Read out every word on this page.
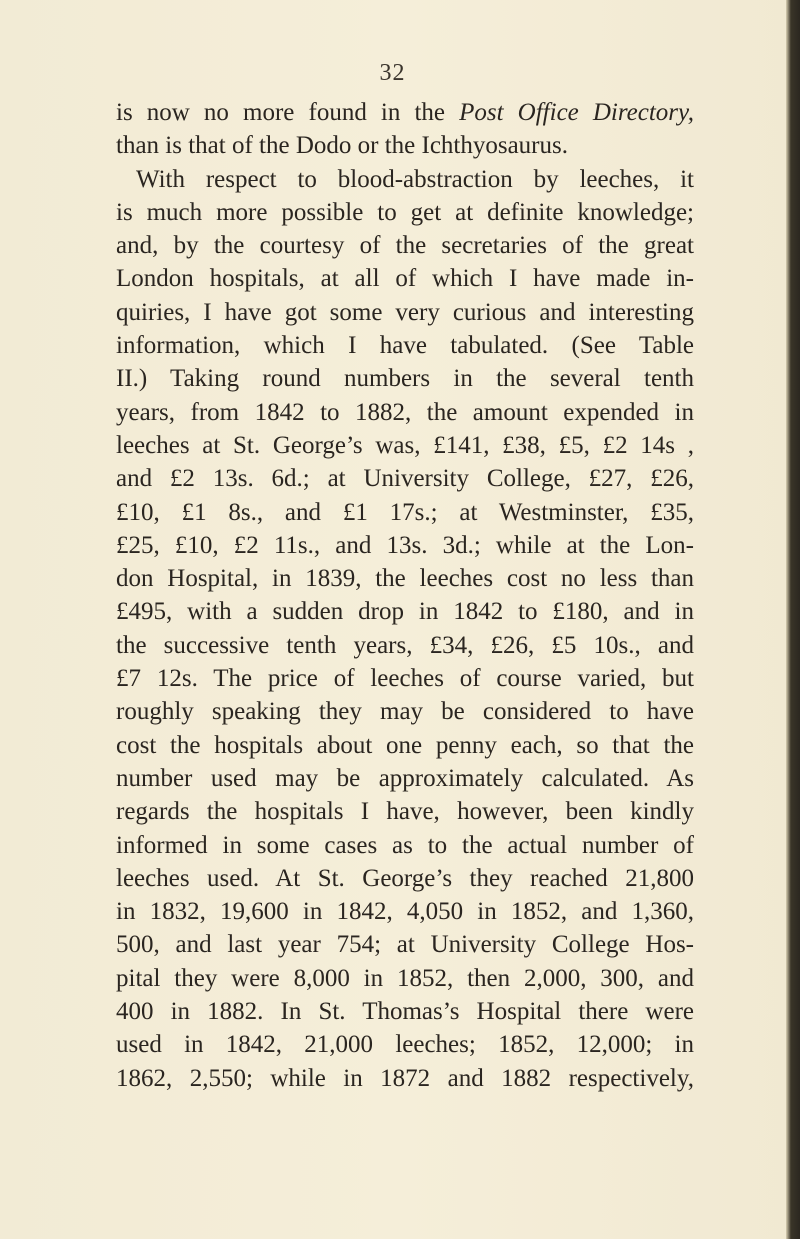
32
is now no more found in the Post Office Directory,
than is that of the Dodo or the Ichthyosaurus.
With respect to blood-abstraction by leeches, it
is much more possible to get at definite knowledge;
and, by the courtesy of the secretaries of the great
London hospitals, at all of which I have made in-
quiries, I have got some very curious and interesting
information, which I have tabulated. (See Table
II.) Taking round numbers in the several tenth
years, from 1842 to 1882, the amount expended in
leeches at St. George’s was, £141, £38, £5, £2 14s ,
and £2 13s. 6d.; at University College, £27, £26,
£10, £1 8s., and £1 17s.; at Westminster, £35,
£25, £10, £2 11s., and 13s. 3d.; while at the Lon-
don Hospital, in 1839, the leeches cost no less than
£495, with a sudden drop in 1842 to £180, and in
the successive tenth years, £34, £26, £5 10s., and
£7 12s. The price of leeches of course varied, but
roughly speaking they may be considered to have
cost the hospitals about one penny each, so that the
number used may be approximately calculated. As
regards the hospitals I have, however, been kindly
informed in some cases as to the actual number of
leeches used. At St. George’s they reached 21,800
in 1832, 19,600 in 1842, 4,050 in 1852, and 1,360,
500, and last year 754; at University College Hos-
pital they were 8,000 in 1852, then 2,000, 300, and
400 in 1882. In St. Thomas’s Hospital there were
used in 1842, 21,000 leeches; 1852, 12,000; in
1862, 2,550; while in 1872 and 1882 respectively,
